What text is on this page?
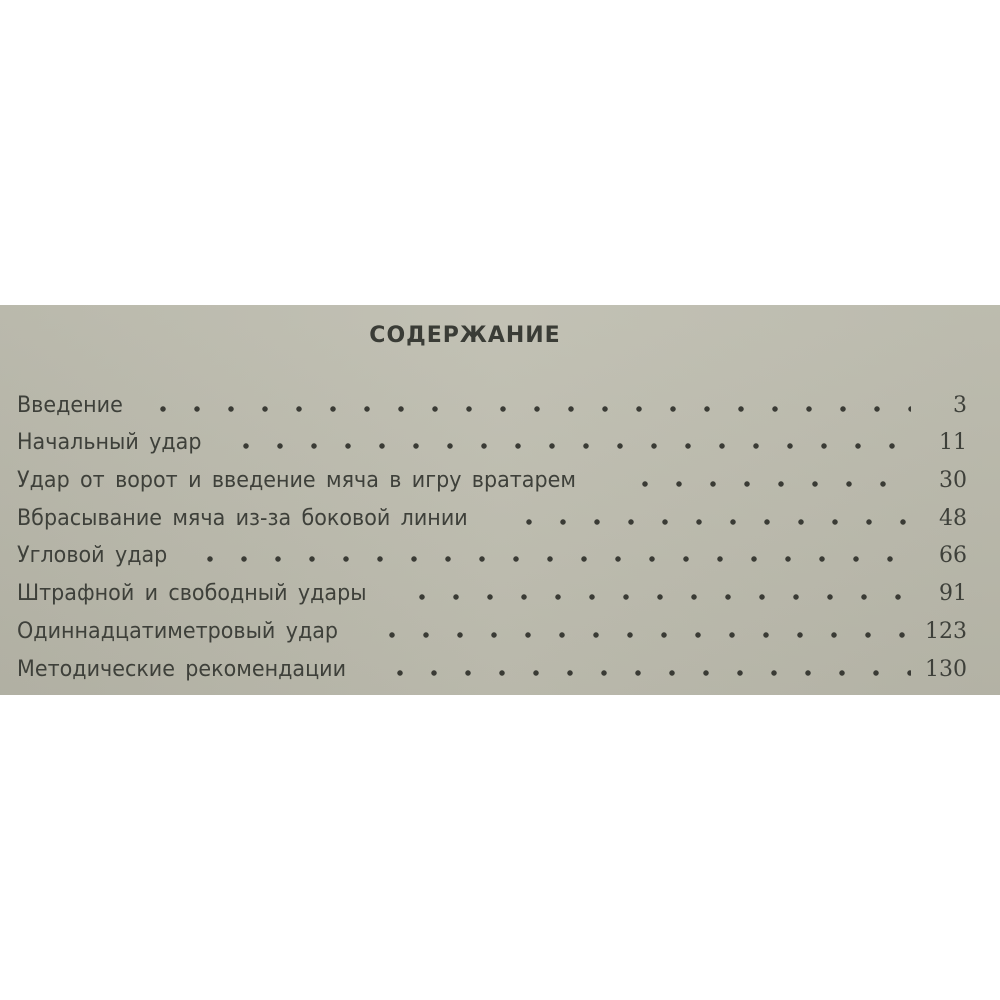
СОДЕРЖАНИЕ
Введение	3
Начальный удар	11
Удар от ворот и введение мяча в игру вратарем	30
Вбрасывание мяча из-за боковой линии	48
Угловой удар	66
Штрафной и свободный удары	91
Одиннадцатиметровый удар	123
Методические рекомендации	130
